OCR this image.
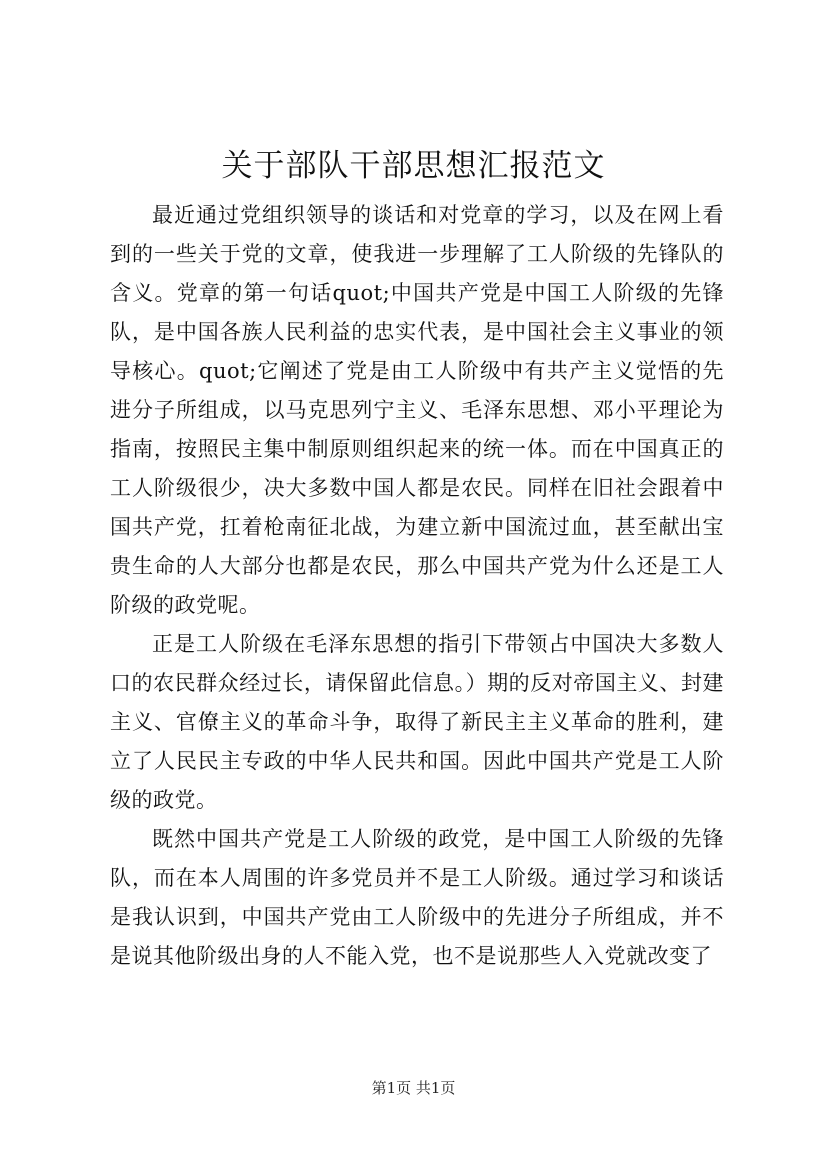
关于部队干部思想汇报范文

最近通过党组织领导的谈话和对党章的学习，以及在网上看到的一些关于党的文章，使我进一步理解了工人阶级的先锋队的含义。党章的第一句话quot;中国共产党是中国工人阶级的先锋队，是中国各族人民利益的忠实代表，是中国社会主义事业的领导核心。quot;它阐述了党是由工人阶级中有共产主义觉悟的先进分子所组成，以马克思列宁主义、毛泽东思想、邓小平理论为指南，按照民主集中制原则组织起来的统一体。而在中国真正的工人阶级很少，决大多数中国人都是农民。同样在旧社会跟着中国共产党，扛着枪南征北战，为建立新中国流过血，甚至献出宝贵生命的人大部分也都是农民，那么中国共产党为什么还是工人阶级的政党呢。

正是工人阶级在毛泽东思想的指引下带领占中国决大多数人口的农民群众经过长，请保留此信息。）期的反对帝国主义、封建主义、官僚主义的革命斗争，取得了新民主主义革命的胜利，建立了人民民主专政的中华人民共和国。因此中国共产党是工人阶级的政党。

既然中国共产党是工人阶级的政党，是中国工人阶级的先锋队，而在本人周围的许多党员并不是工人阶级。通过学习和谈话是我认识到，中国共产党由工人阶级中的先进分子所组成，并不是说其他阶级出身的人不能入党，也不是说那些人入党就改变了

第1页 共1页
